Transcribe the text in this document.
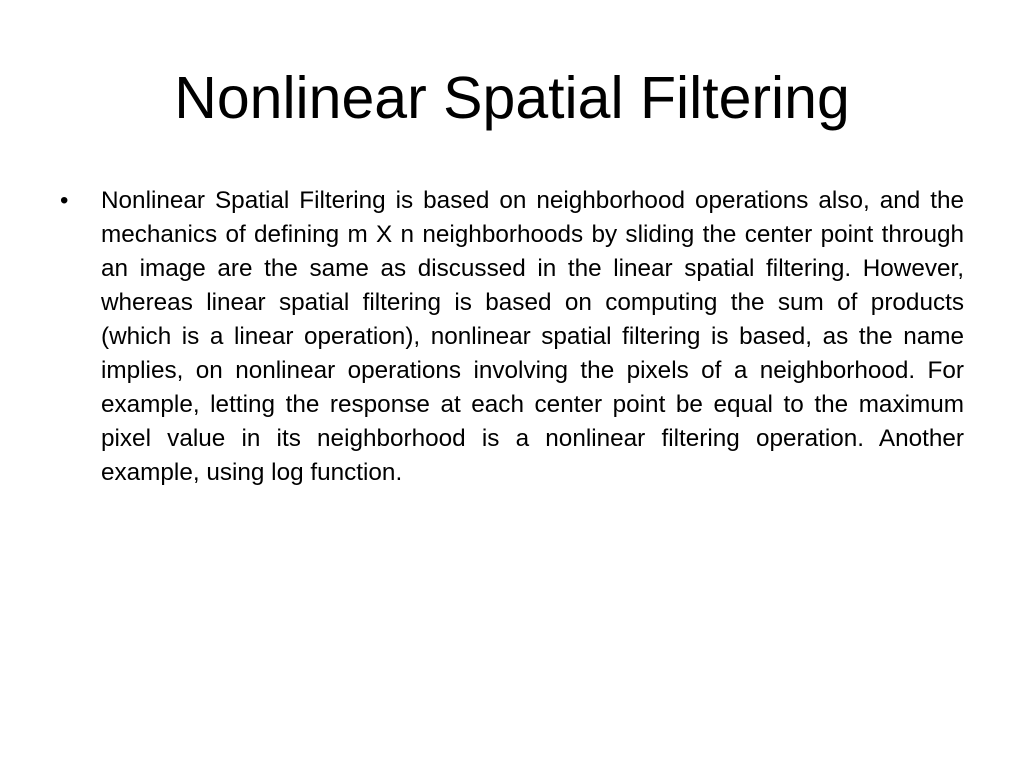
Nonlinear Spatial Filtering
• Nonlinear Spatial Filtering is based on neighborhood operations also, and the mechanics of defining m X n neighborhoods by sliding the center point through an image are the same as discussed in the linear spatial filtering. However, whereas linear spatial filtering is based on computing the sum of products (which is a linear operation), nonlinear spatial filtering is based, as the name implies, on nonlinear operations involving the pixels of a neighborhood. For example, letting the response at each center point be equal to the maximum pixel value in its neighborhood is a nonlinear filtering operation. Another example, using log function.
